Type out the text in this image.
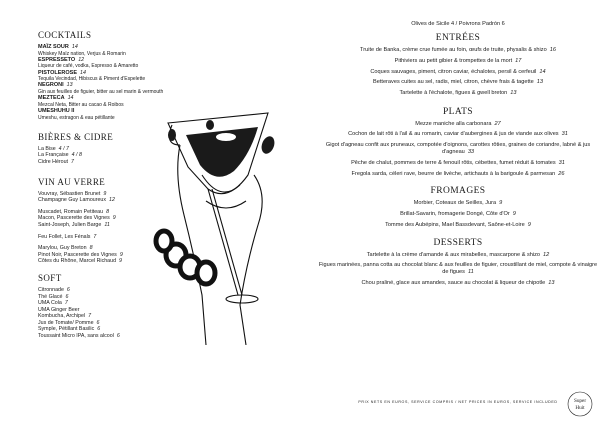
COCKTAILS
MAÏZ SOUR 14
Whiskey Maïz nation, Verjus & Romarin
ESPRESSETO 12
Liqueur de café, vodka, Espresso & Amaretto
PISTOLEROSE 14
Tequila Vecindad, Hibiscus & Piment d'Espelette
NEGRONI 13
Gin aux feuilles de figuier, bitter au sel marin & vermouth
MEZTECA 14
Mezcal Neta, Bitter au cacao & Roibos
UMESHUHU II
Umeshu, estragon & eau pétillante
BIÈRES & CIDRE
La Bise 4 / 7
La Française 4 / 8
Cidre Hérout 7
VIN AU VERRE
Vouvray, Sébastien Brunet 9
Champagne Guy Lamoureux 12
Muscadet, Romain Petiteau 8
Macon, Pascerette des Vignes 9
Saint-Joseph, Julien Barge 11
Feu Follet, Les Fénals 7
Marylou, Guy Breton 8
Pinot Noir, Pascerette des Vignes 9
Côtes du Rhône, Marcel Richaud 9
SOFT
Citronnade 6
Thé Glacé 6
UMA Cola 7
UMA Ginger Beer
Kombucha, Archipel 7
Jus de Tomate/ Pomme 6
Symple, Pétillant Basilic 6
Toussaint Micro IPA, sans alcool 6
Olives de Sicile 4 / Poivrons Padrón 6
ENTRÉES
Truite de Banka, crème crue fumée au foin, œufs de truite, physalis & shizo 16
Pithiviers au petit gibier & trompettes de la mort 17
Coques sauvages, piment, citron caviar, échalotes, persil & cerfeuil 14
Betteraves cuites au sel, radis, miel, citron, chèvre frais & tagette 13
Tartelette à l'échalote, figues & gwell breton 13
PLATS
Mezze maniche alla carbonara 27
Cochon de lait rôti à l'ail & au romarin, caviar d'aubergines & jus de viande aux olives 31
Gigot d'agneau confit aux pruneaux, compotée d'oignons, carottes rôties, graines de coriandre, labné & jus d'agneau 33
Pêche de chalut, pommes de terre & fenouil rôtis, cébettes, fumet réduit & tomates 31
Fregola sarda, céleri rave, beurre de livèche, artichauts à la barigoule & parmesan 26
FROMAGES
Morbier, Coteaux de Seilles, Jura 9
Brillat-Savarin, fromagerie Dongé, Côte d'Or 9
Tomme des Aubépins, Mael Bassdevant, Saône-et-Loire 9
DESSERTS
Tartelette à la crème d'amande & aux mirabelles, mascarpone & shizo 12
Figues marinées, panna cotta au chocolat blanc & aux feuilles de figuier, croustillant de miel, compote & vinaigre de figues 11
Chou praliné, glace aux amandes, sauce au chocolat & liqueur de chipotle 13
PRIX NETS EN EUROS, SERVICE COMPRIS / NET PRICES IN EUROS, SERVICE INCLUDED	Super
Huit
